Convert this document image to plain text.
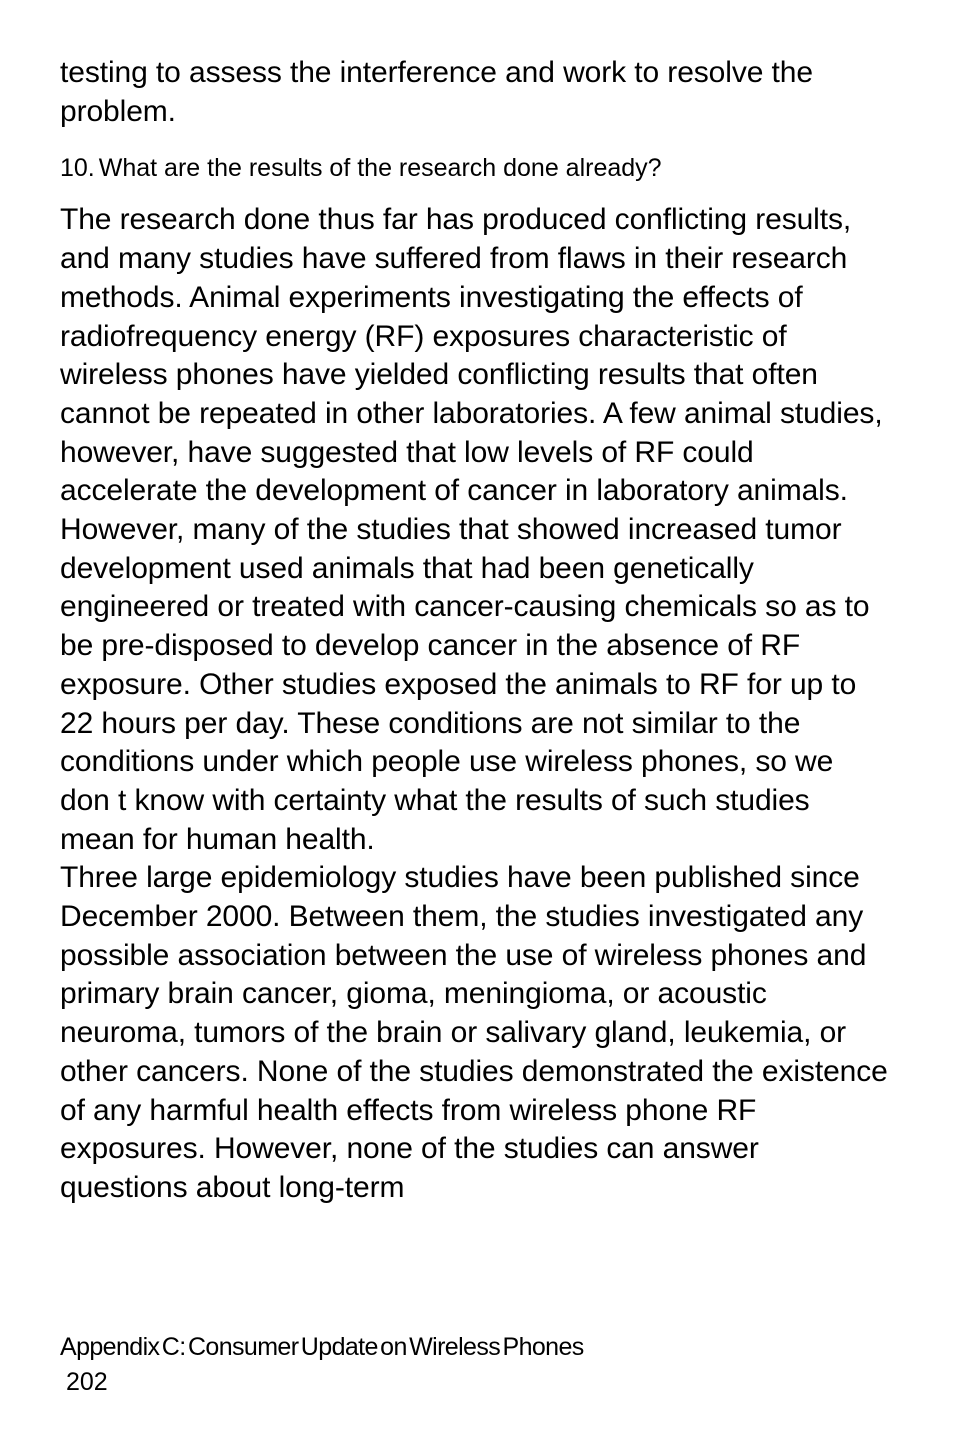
testing to assess the interference and work to resolve the problem.

10. What are the results of the research done already?

The research done thus far has produced conflicting results, and many studies have suffered from flaws in their research methods. Animal experiments investigating the effects of radiofrequency energy (RF) exposures characteristic of wireless phones have yielded conflicting results that often cannot be repeated in other laboratories. A few animal studies, however, have suggested that low levels of RF could accelerate the development of cancer in laboratory animals. However, many of the studies that showed increased tumor development used animals that had been genetically engineered or treated with cancer-causing chemicals so as to be pre-disposed to develop cancer in the absence of RF exposure. Other studies exposed the animals to RF for up to 22 hours per day. These conditions are not similar to the conditions under which people use wireless phones, so we don t know with certainty what the results of such studies mean for human health.

Three large epidemiology studies have been published since December 2000. Between them, the studies investigated any possible association between the use of wireless phones and primary brain cancer, gioma, meningioma, or acoustic neuroma, tumors of the brain or salivary gland, leukemia, or other cancers. None of the studies demonstrated the existence of any harmful health effects from wireless phone RF exposures. However, none of the studies can answer questions about long-term

Appendix C: Consumer Update on Wireless Phones
202
